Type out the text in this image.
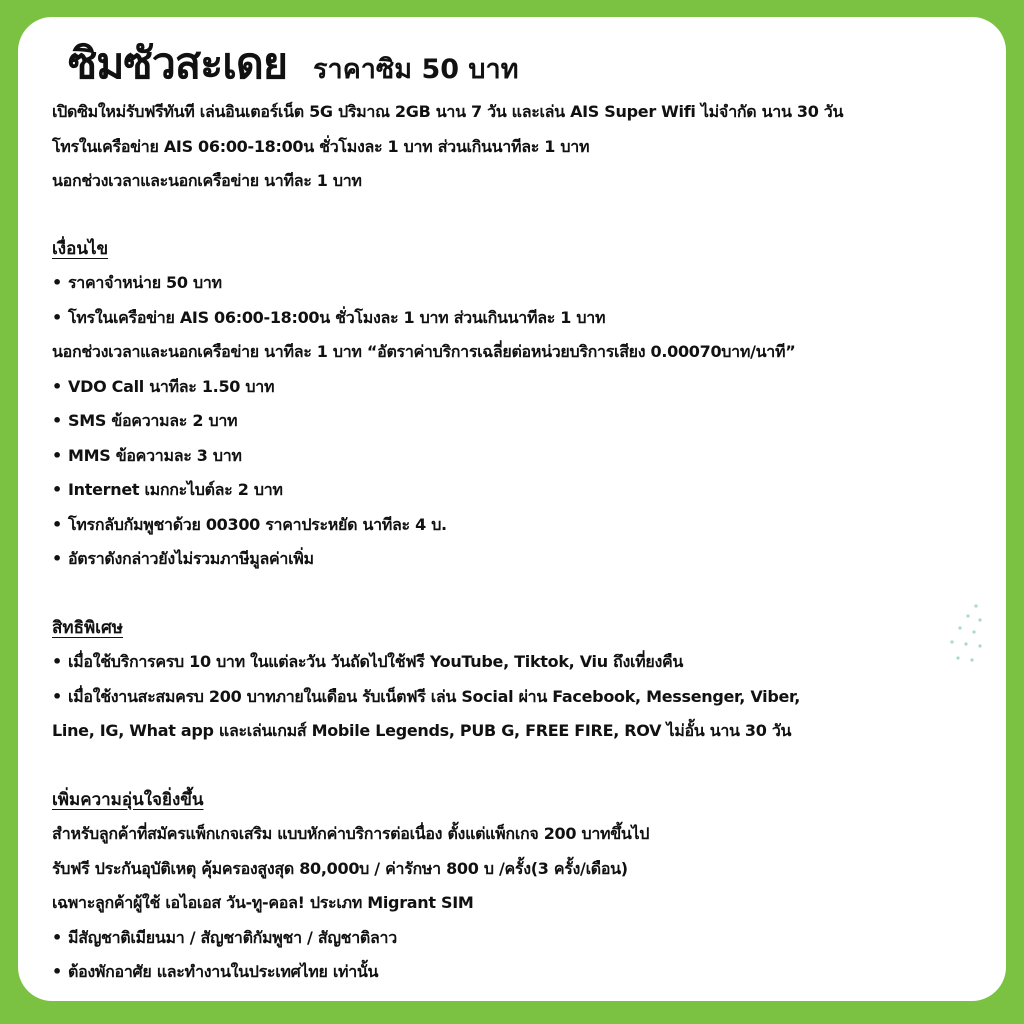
ซิมซัวสะเดย ราคาซิม 50 บาท
เปิดซิมใหม่รับฟรีทันที เล่นอินเตอร์เน็ต 5G ปริมาณ 2GB นาน 7 วัน และเล่น AIS Super Wifi ไม่จำกัด นาน 30 วัน
โทรในเครือข่าย AIS 06:00-18:00น ชั่วโมงละ 1 บาท ส่วนเกินนาทีละ 1 บาท
นอกช่วงเวลาและนอกเครือข่าย นาทีละ 1 บาท
เงื่อนไข
• ราคาจำหน่าย 50 บาท
• โทรในเครือข่าย AIS 06:00-18:00น ชั่วโมงละ 1 บาท ส่วนเกินนาทีละ 1 บาท
นอกช่วงเวลาและนอกเครือข่าย นาทีละ 1 บาท “อัตราค่าบริการเฉลี่ยต่อหน่วยบริการเสียง 0.00070บาท/นาที”
• VDO Call นาทีละ 1.50 บาท
• SMS ข้อความละ 2 บาท
• MMS ข้อความละ 3 บาท
• Internet เมกกะไบต์ละ 2 บาท
• โทรกลับกัมพูชาด้วย 00300 ราคาประหยัด นาทีละ 4 บ.
• อัตราดังกล่าวยังไม่รวมภาษีมูลค่าเพิ่ม
สิทธิพิเศษ
• เมื่อใช้บริการครบ 10 บาท ในแต่ละวัน วันถัดไปใช้ฟรี YouTube, Tiktok, Viu ถึงเที่ยงคืน
• เมื่อใช้งานสะสมครบ 200 บาทภายในเดือน รับเน็ตฟรี เล่น Social ผ่าน Facebook, Messenger, Viber,
Line, IG, What app และเล่นเกมส์ Mobile Legends, PUB G, FREE FIRE, ROV ไม่อั้น นาน 30 วัน
เพิ่มความอุ่นใจยิ่งขึ้น
สำหรับลูกค้าที่สมัครแพ็กเกจเสริม แบบหักค่าบริการต่อเนื่อง ตั้งแต่แพ็กเกจ 200 บาทขึ้นไป
รับฟรี ประกันอุบัติเหตุ คุ้มครองสูงสุด 80,000บ / ค่ารักษา 800 บ /ครั้ง(3 ครั้ง/เดือน)
เฉพาะลูกค้าผู้ใช้ เอไอเอส วัน-ทู-คอล! ประเภท Migrant SIM
• มีสัญชาติเมียนมา / สัญชาติกัมพูชา / สัญชาติลาว
• ต้องพักอาศัย และทำงานในประเทศไทย เท่านั้น
